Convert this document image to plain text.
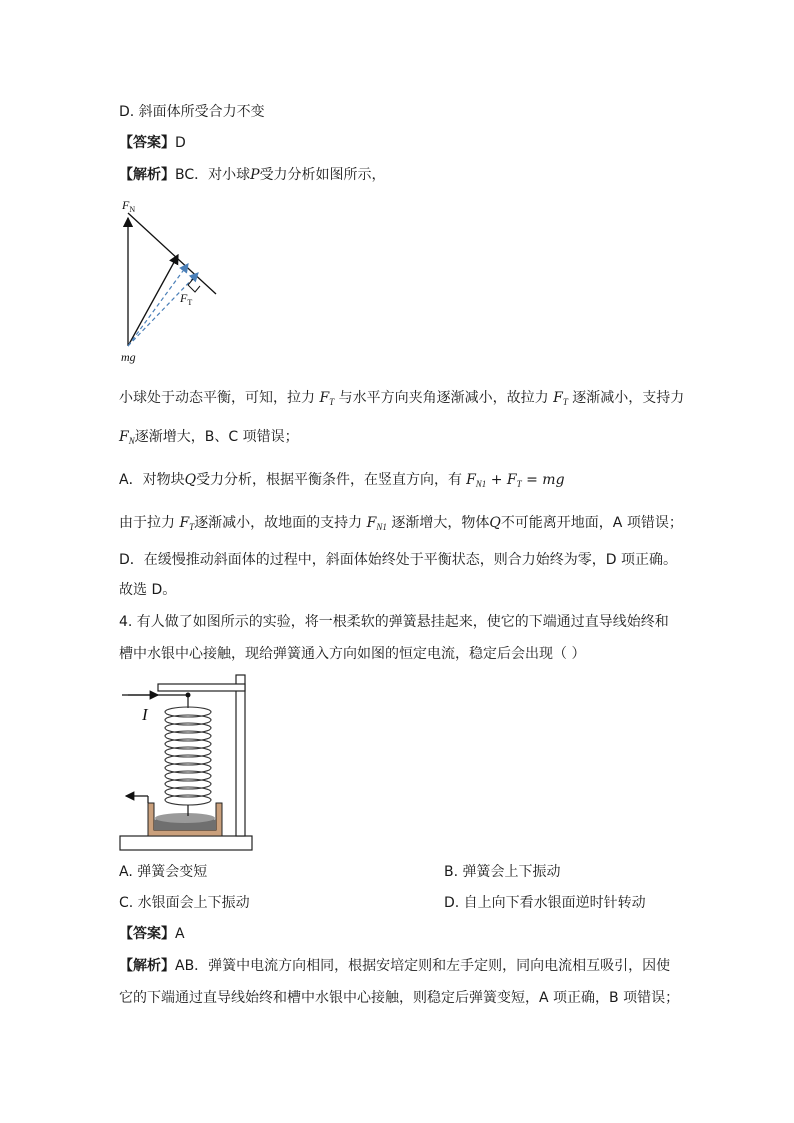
D. 斜面体所受合力不变
【答案】D
【解析】BC．对小球P受力分析如图所示，
$F_N$
$F_T$
mg
小球处于动态平衡，可知，拉力 $F_T$ 与水平方向夹角逐渐减小，故拉力 $F_T$ 逐渐减小，支持力
$F_N$逐渐增大，B、C 项错误；
A．对物块Q受力分析，根据平衡条件，在竖直方向，有 $F_{N1} + F_T$ = mg
由于拉力 $F_T$逐渐减小，故地面的支持力 $F_{N1}$ 逐渐增大，物体Q不可能离开地面，A 项错误；
D．在缓慢推动斜面体的过程中，斜面体始终处于平衡状态，则合力始终为零，D 项正确。
故选 D。
4. 有人做了如图所示的实验，将一根柔软的弹簧悬挂起来，使它的下端通过直导线始终和
槽中水银中心接触，现给弹簧通入方向如图的恒定电流，稳定后会出现（ ）
I
A. 弹簧会变短	B. 弹簧会上下振动
C. 水银面会上下振动	D. 自上向下看水银面逆时针转动
【答案】A
【解析】AB．弹簧中电流方向相同，根据安培定则和左手定则，同向电流相互吸引，因使
它的下端通过直导线始终和槽中水银中心接触，则稳定后弹簧变短，A 项正确，B 项错误；
